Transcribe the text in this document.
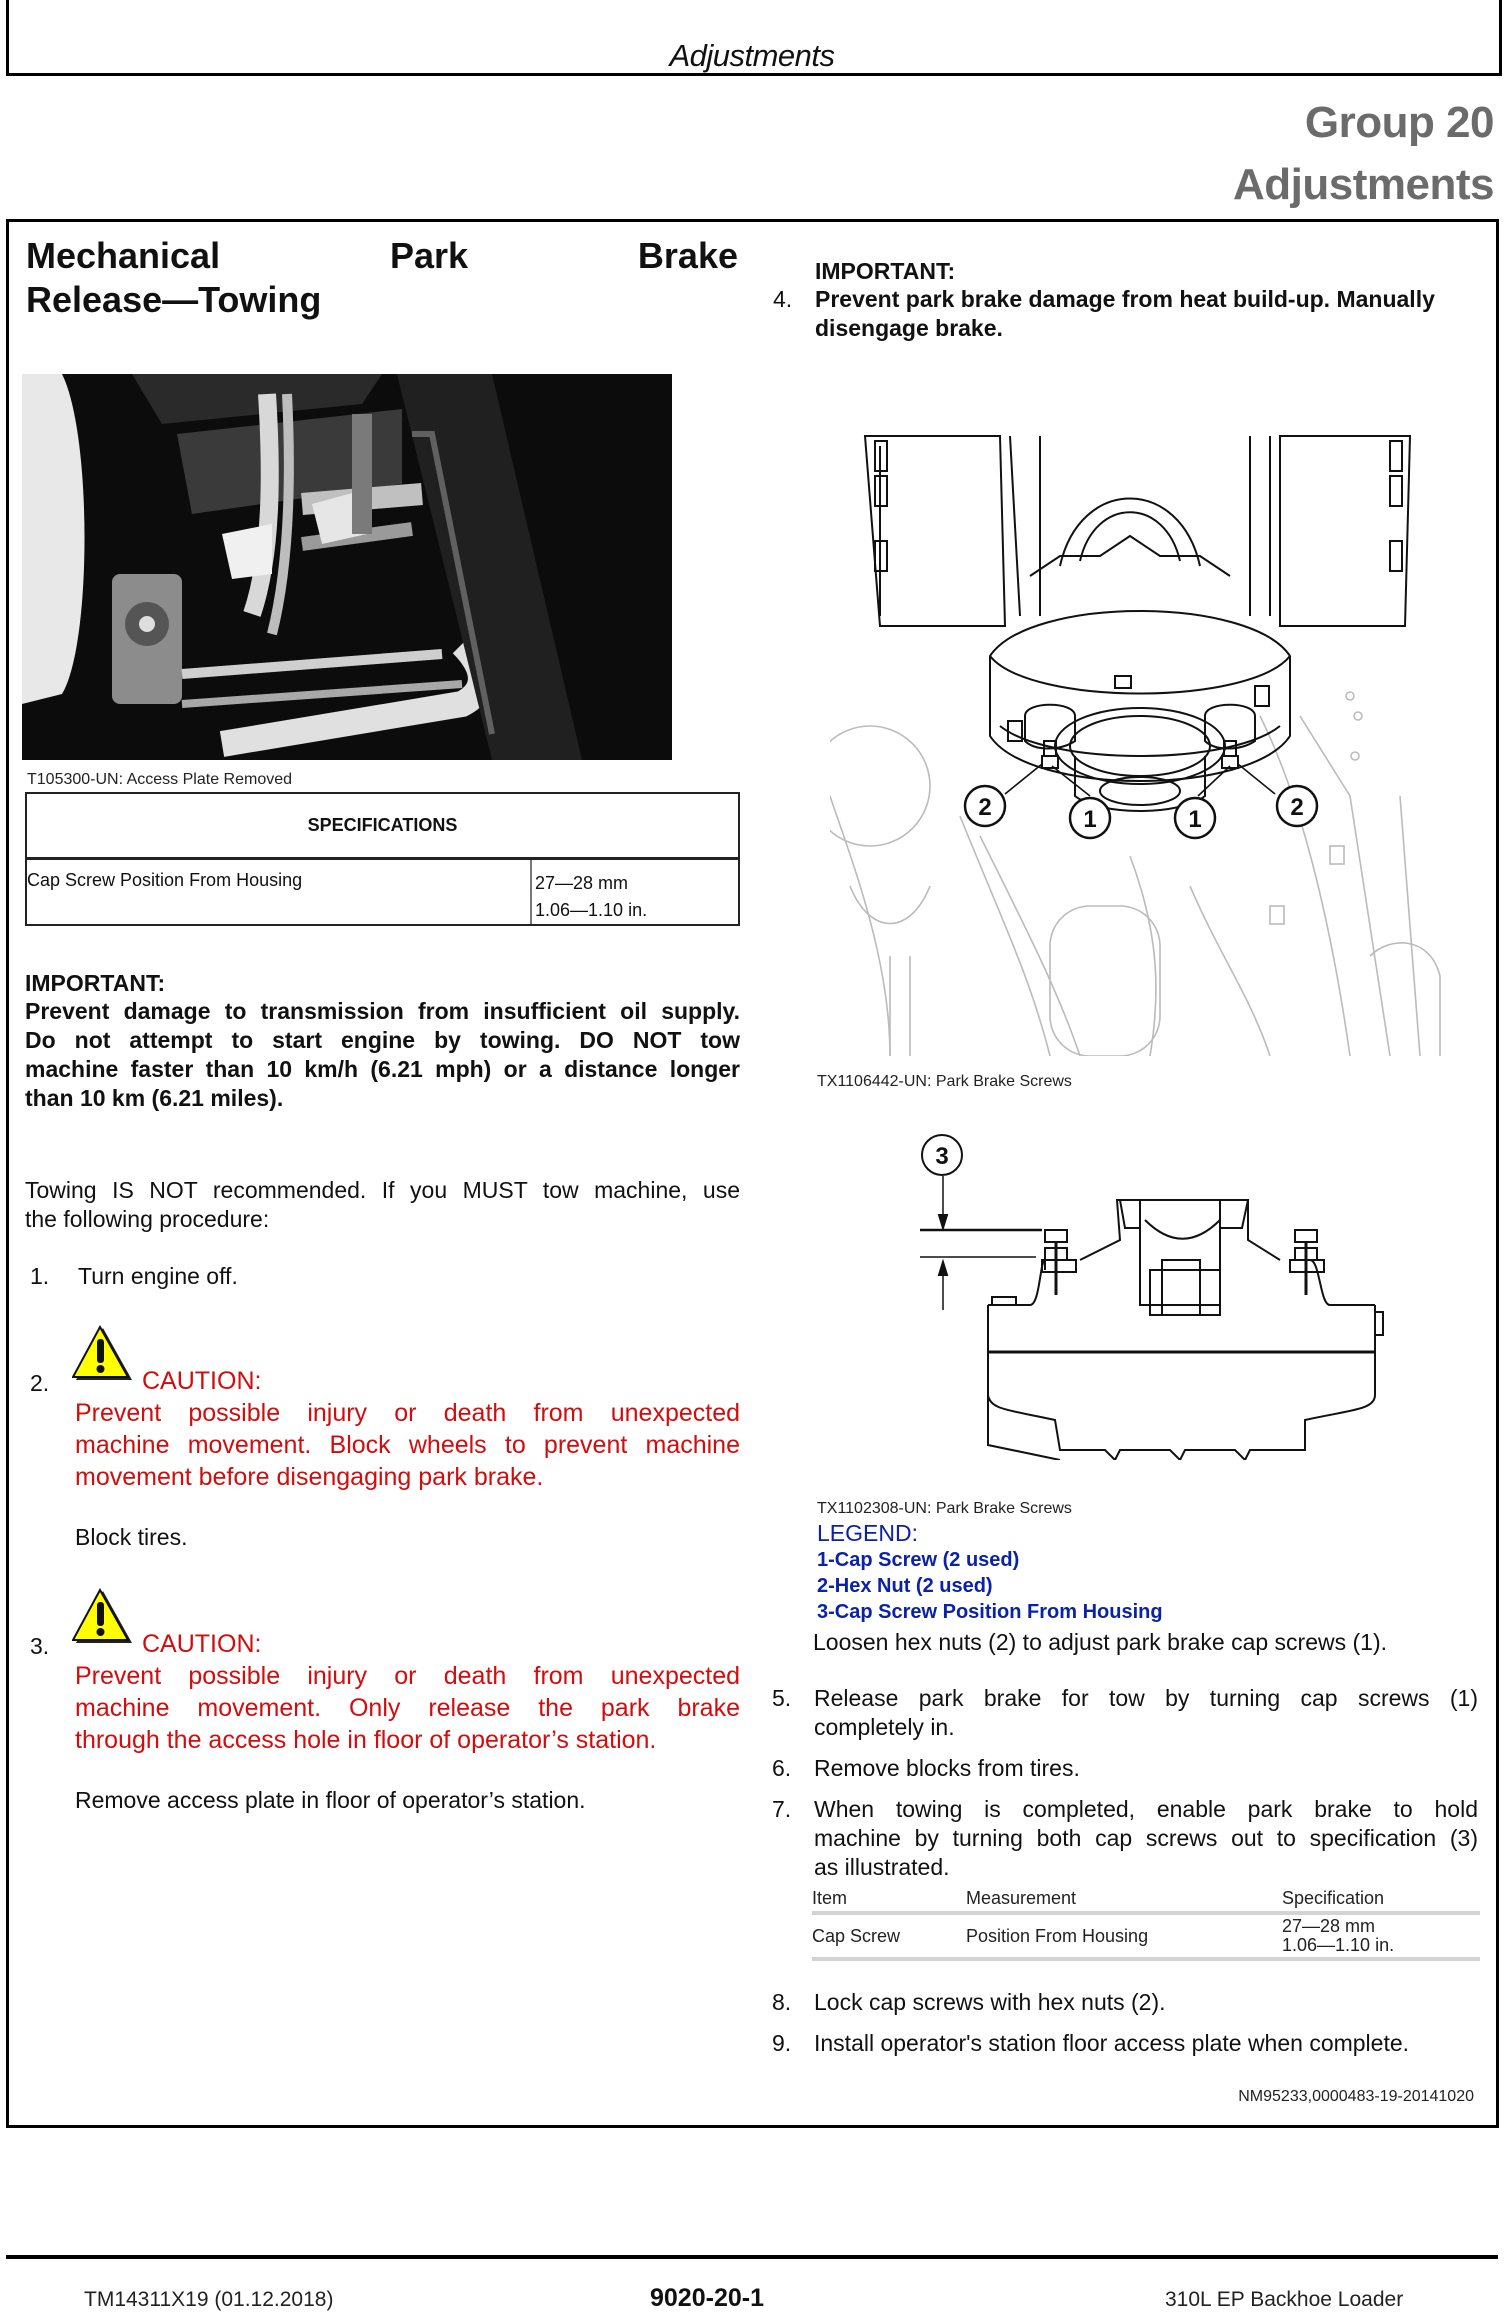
Adjustments
Group 20
Adjustments
Mechanical	Park	Brake
Release—Towing
T105300-UN: Access Plate Removed
SPECIFICATIONS
Cap Screw Position From Housing	27—28 mm
1.06—1.10 in.
IMPORTANT:
Prevent damage to transmission from insufficient oil supply.
Do not attempt to start engine by towing. DO NOT tow
machine faster than 10 km/h (6.21 mph) or a distance longer
than 10 km (6.21 miles).
Towing IS NOT recommended. If you MUST tow machine, use
the following procedure:
1. Turn engine off.
2.	CAUTION:
Prevent possible injury or death from unexpected
machine movement. Block wheels to prevent machine
movement before disengaging park brake.
Block tires.
3.	CAUTION:
Prevent possible injury or death from unexpected
machine movement. Only release the park brake
through the access hole in floor of operator’s station.
Remove access plate in floor of operator’s station.
IMPORTANT:
4. Prevent park brake damage from heat build-up. Manually
disengage brake.
2	1	1	2
TX1106442-UN: Park Brake Screws
3
TX1102308-UN: Park Brake Screws
LEGEND:
1-Cap Screw (2 used)
2-Hex Nut (2 used)
3-Cap Screw Position From Housing
Loosen hex nuts (2) to adjust park brake cap screws (1).
5. Release park brake for tow by turning cap screws (1)
completely in.
6. Remove blocks from tires.
7. When towing is completed, enable park brake to hold
machine by turning both cap screws out to specification (3)
as illustrated.
Item	Measurement	Specification
Cap Screw	Position From Housing	27—28 mm
1.06—1.10 in.
8. Lock cap screws with hex nuts (2).
9. Install operator's station floor access plate when complete.
NM95233,0000483-19-20141020
TM14311X19 (01.12.2018)	9020-20-1	310L EP Backhoe Loader
